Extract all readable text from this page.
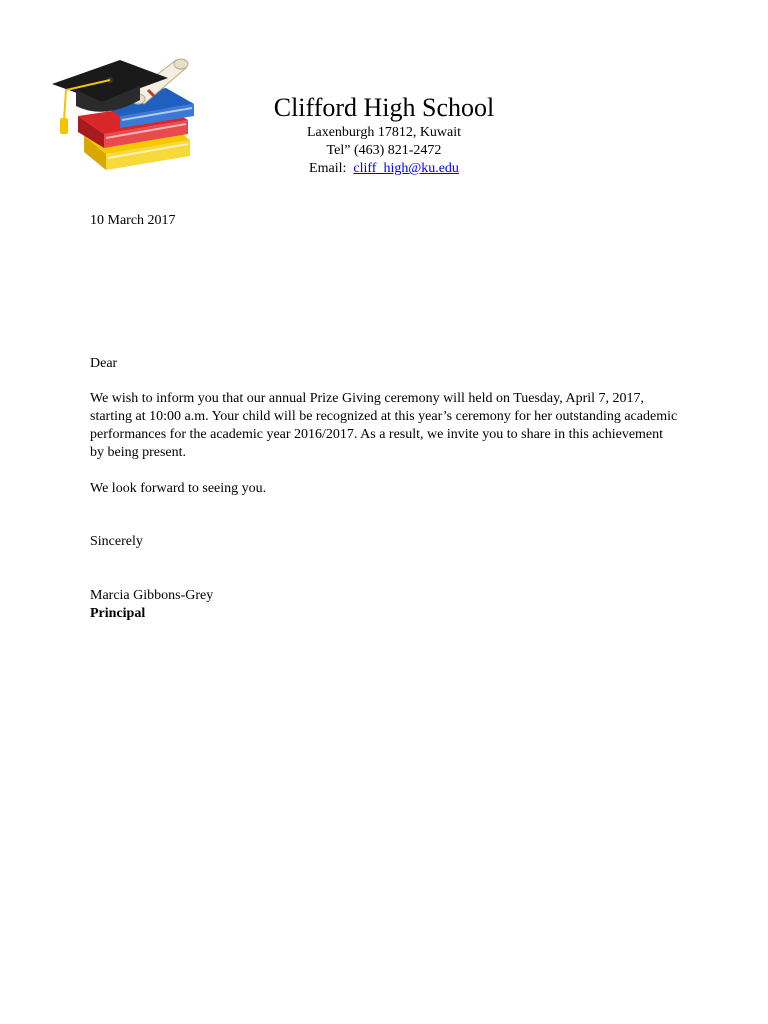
Clifford High School
Laxenburgh 17812, Kuwait
Tel” (463) 821-2472
Email: cliff_high@ku.edu
10 March 2017
Dear
We wish to inform you that our annual Prize Giving ceremony will held on Tuesday, April 7, 2017, starting at 10:00 a.m. Your child will be recognized at this year’s ceremony for her outstanding academic performances for the academic year 2016/2017. As a result, we invite you to share in this achievement by being present.
We look forward to seeing you.
Sincerely

Marcia Gibbons-Grey

Principal
